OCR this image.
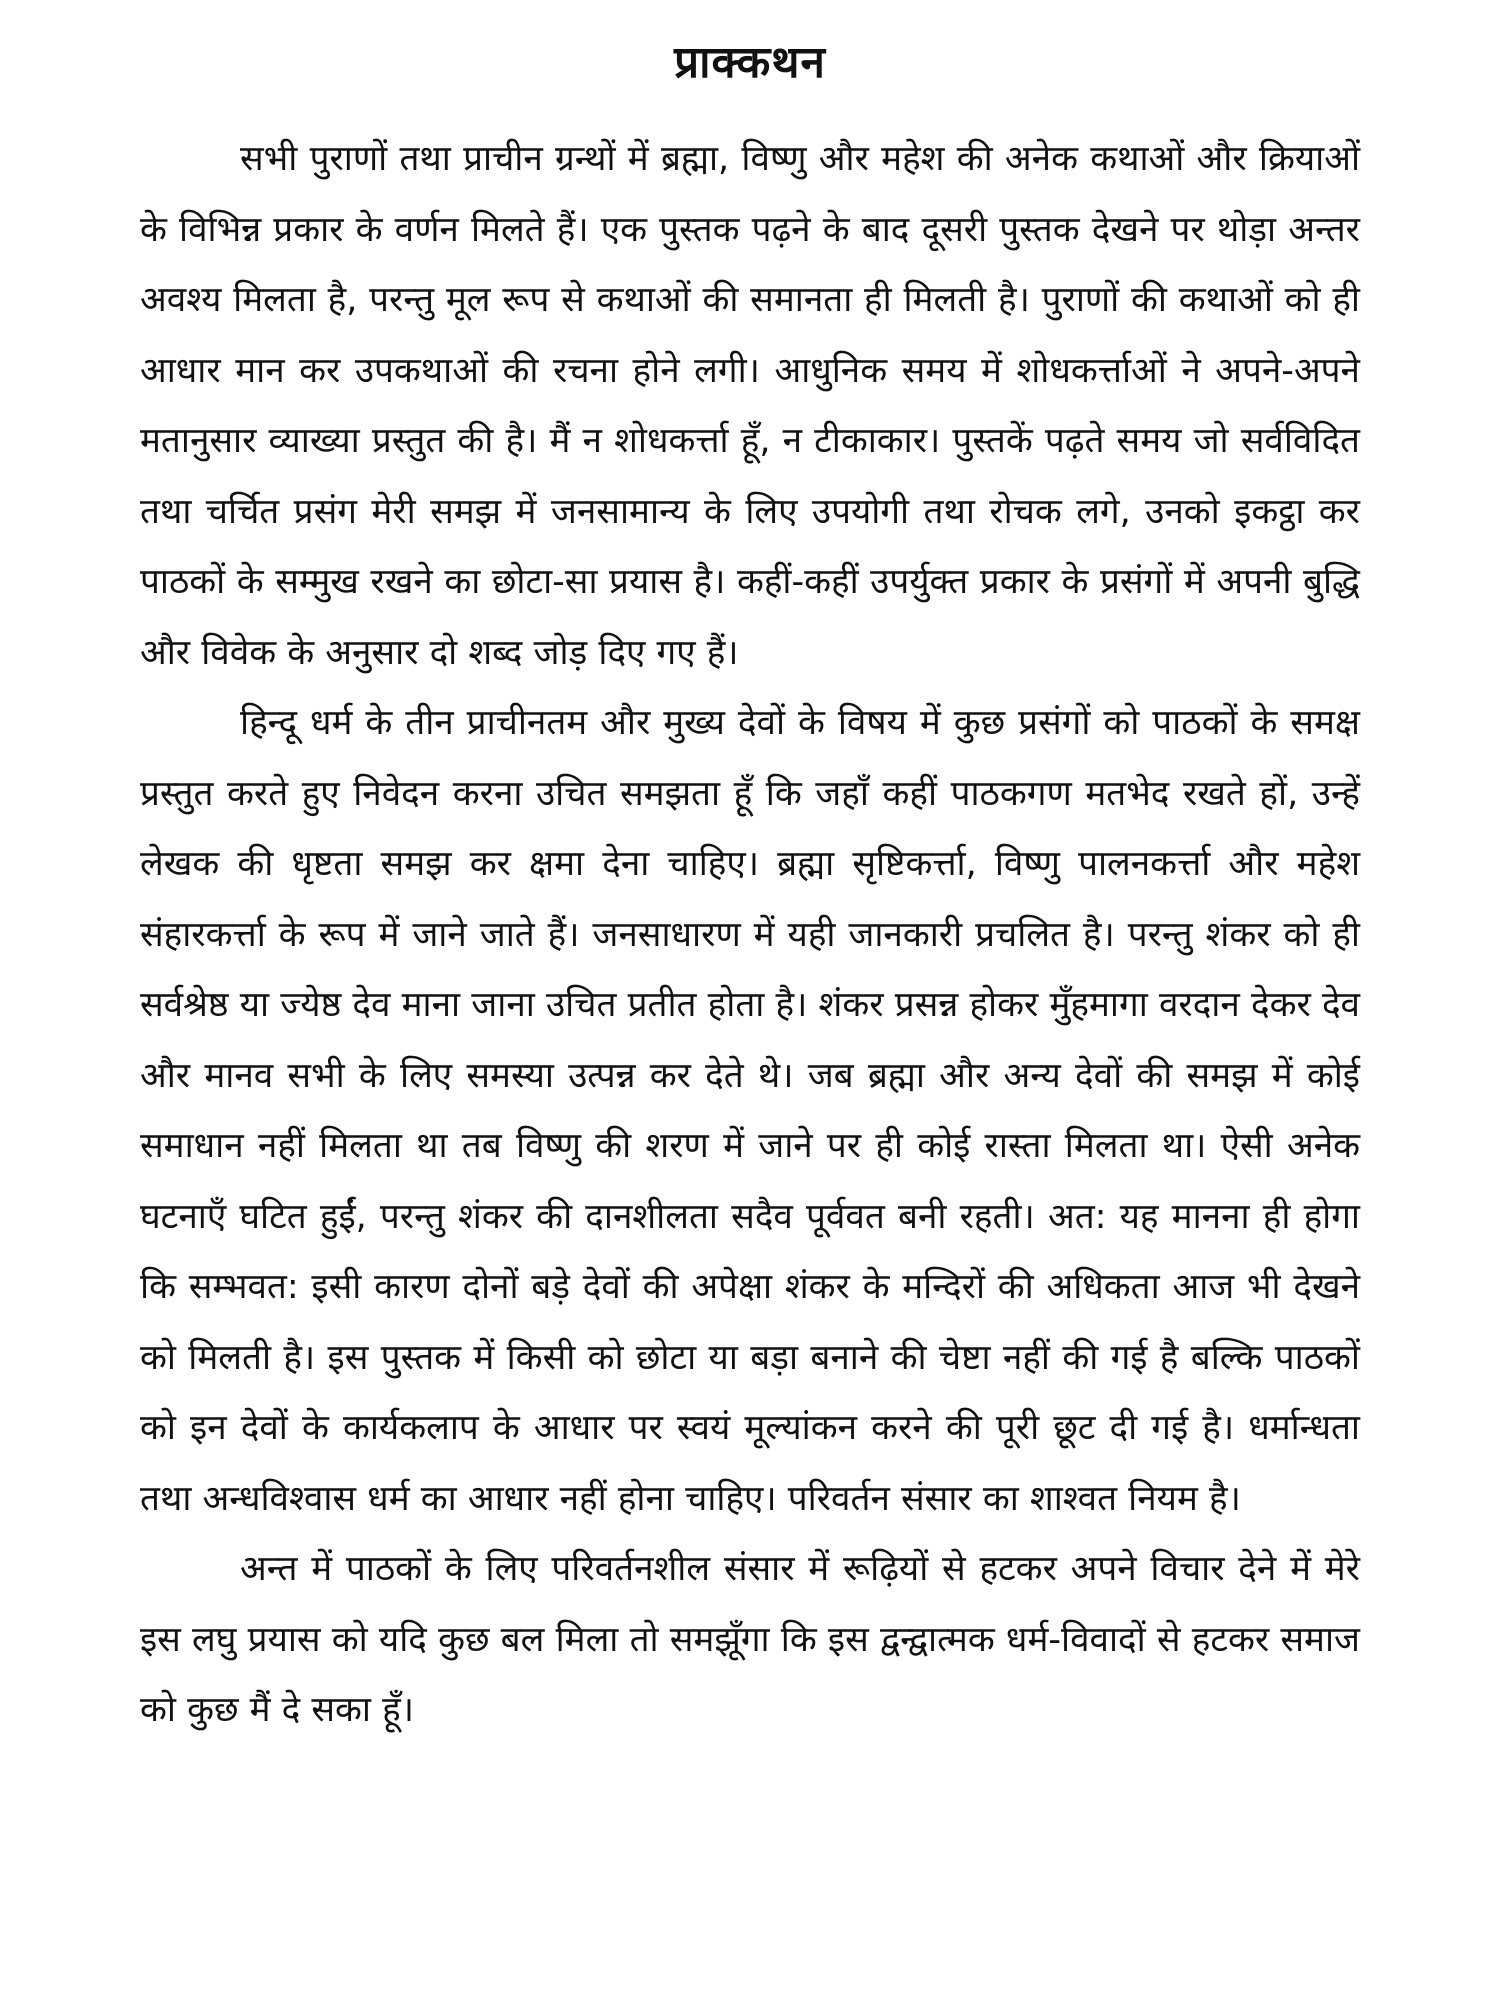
प्राक्कथन

सभी पुराणों तथा प्राचीन ग्रन्थों में ब्रह्मा, विष्णु और महेश की अनेक कथाओं और क्रियाओं के विभिन्न प्रकार के वर्णन मिलते हैं। एक पुस्तक पढ़ने के बाद दूसरी पुस्तक देखने पर थोड़ा अन्तर अवश्य मिलता है, परन्तु मूल रूप से कथाओं की समानता ही मिलती है। पुराणों की कथाओं को ही आधार मान कर उपकथाओं की रचना होने लगी। आधुनिक समय में शोधकर्त्ताओं ने अपने-अपने मतानुसार व्याख्या प्रस्तुत की है। मैं न शोधकर्त्ता हूँ, न टीकाकार। पुस्तकें पढ़ते समय जो सर्वविदित तथा चर्चित प्रसंग मेरी समझ में जनसामान्य के लिए उपयोगी तथा रोचक लगे, उनको इकट्ठा कर पाठकों के सम्मुख रखने का छोटा-सा प्रयास है। कहीं-कहीं उपर्युक्त प्रकार के प्रसंगों में अपनी बुद्धि और विवेक के अनुसार दो शब्द जोड़ दिए गए हैं।

हिन्दू धर्म के तीन प्राचीनतम और मुख्य देवों के विषय में कुछ प्रसंगों को पाठकों के समक्ष प्रस्तुत करते हुए निवेदन करना उचित समझता हूँ कि जहाँ कहीं पाठकगण मतभेद रखते हों, उन्हें लेखक की धृष्टता समझ कर क्षमा देना चाहिए। ब्रह्मा सृष्टिकर्त्ता, विष्णु पालनकर्त्ता और महेश संहारकर्त्ता के रूप में जाने जाते हैं। जनसाधारण में यही जानकारी प्रचलित है। परन्तु शंकर को ही सर्वश्रेष्ठ या ज्येष्ठ देव माना जाना उचित प्रतीत होता है। शंकर प्रसन्न होकर मुँहमागा वरदान देकर देव और मानव सभी के लिए समस्या उत्पन्न कर देते थे। जब ब्रह्मा और अन्य देवों की समझ में कोई समाधान नहीं मिलता था तब विष्णु की शरण में जाने पर ही कोई रास्ता मिलता था। ऐसी अनेक घटनाएँ घटित हुईं, परन्तु शंकर की दानशीलता सदैव पूर्ववत बनी रहती। अत: यह मानना ही होगा कि सम्भवत: इसी कारण दोनों बड़े देवों की अपेक्षा शंकर के मन्दिरों की अधिकता आज भी देखने को मिलती है। इस पुस्तक में किसी को छोटा या बड़ा बनाने की चेष्टा नहीं की गई है बल्कि पाठकों को इन देवों के कार्यकलाप के आधार पर स्वयं मूल्यांकन करने की पूरी छूट दी गई है। धर्मान्धता तथा अन्धविश्वास धर्म का आधार नहीं होना चाहिए। परिवर्तन संसार का शाश्वत नियम है।

अन्त में पाठकों के लिए परिवर्तनशील संसार में रूढ़ियों से हटकर अपने विचार देने में मेरे इस लघु प्रयास को यदि कुछ बल मिला तो समझूँगा कि इस द्वन्द्वात्मक धर्म-विवादों से हटकर समाज को कुछ मैं दे सका हूँ।
